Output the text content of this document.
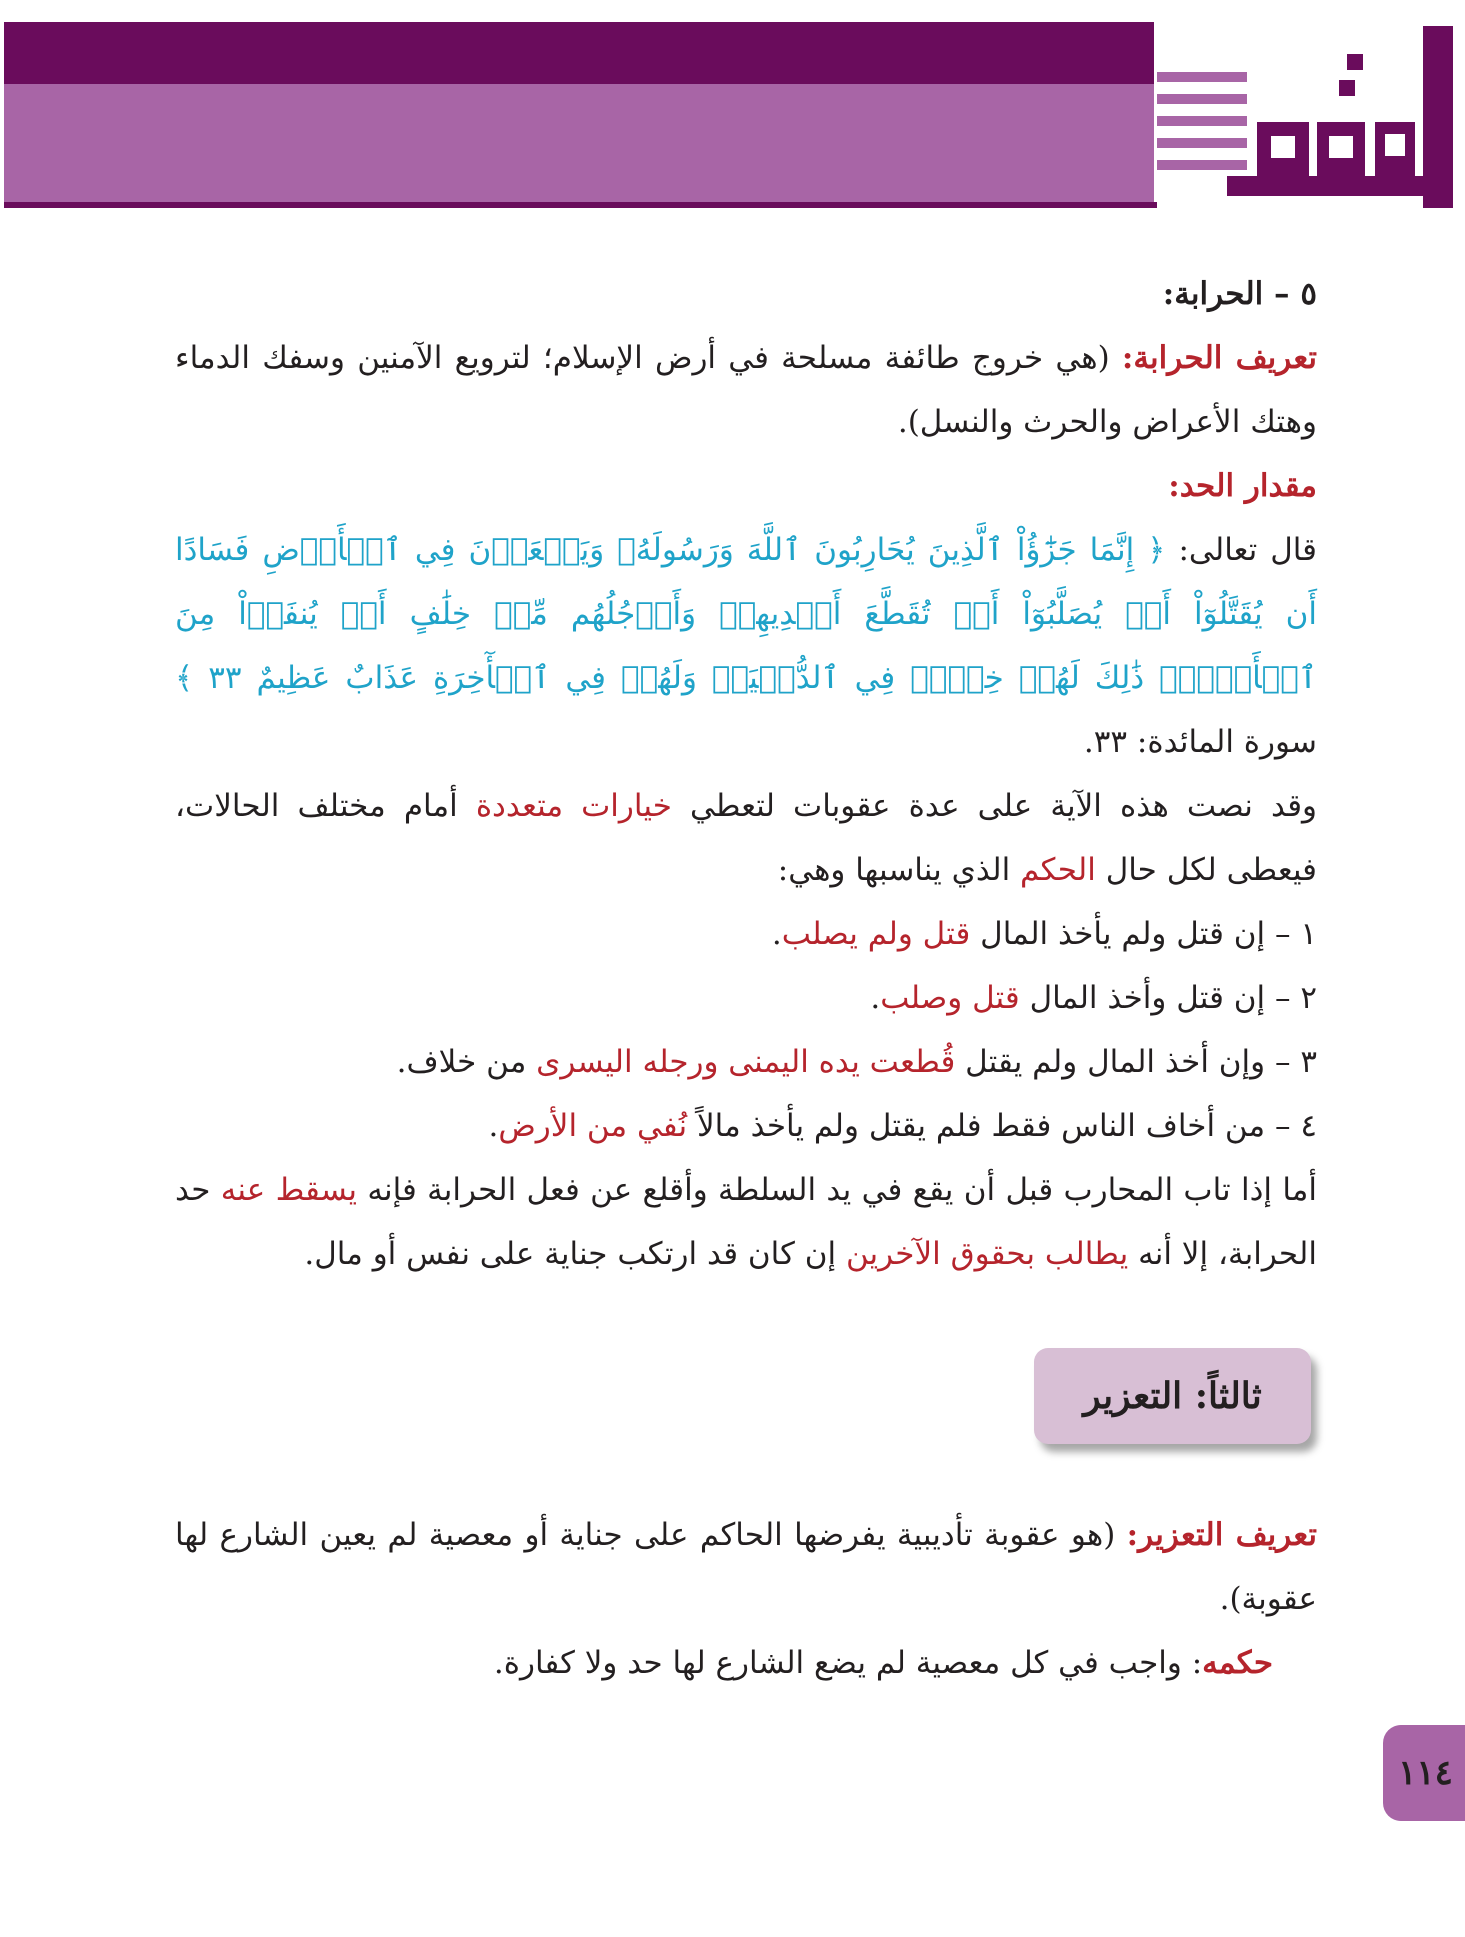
٥ – الحرابة:

تعريف الحرابة: (هي خروج طائفة مسلحة في أرض الإسلام؛ لترويع الآمنين وسفك الدماء وهتك الأعراض والحرث والنسل).

مقدار الحد:

قال تعالى: ﴿ إِنَّمَا جَزَٰٓؤُاْ ٱلَّذِينَ يُحَارِبُونَ ٱللَّهَ وَرَسُولَهُۥ وَيَسۡعَوۡنَ فِي ٱلۡأَرۡضِ فَسَادًا أَن يُقَتَّلُوٓاْ أَوۡ يُصَلَّبُوٓاْ أَوۡ تُقَطَّعَ أَيۡدِيهِمۡ وَأَرۡجُلُهُم مِّنۡ خِلَٰفٍ أَوۡ يُنفَوۡاْ مِنَ ٱلۡأَرۡضِۚ ذَٰلِكَ لَهُمۡ خِزۡيٞ فِي ٱلدُّنۡيَاۖ وَلَهُمۡ فِي ٱلۡأٓخِرَةِ عَذَابٌ عَظِيمٌ ٣٣ ﴾ سورة المائدة: ٣٣.

وقد نصت هذه الآية على عدة عقوبات لتعطي خيارات متعددة أمام مختلف الحالات، فيعطى لكل حال الحكم الذي يناسبها وهي:

١ – إن قتل ولم يأخذ المال قتل ولم يصلب.

٢ – إن قتل وأخذ المال قتل وصلب.

٣ – وإن أخذ المال ولم يقتل قُطعت يده اليمنى ورجله اليسرى من خلاف.

٤ – من أخاف الناس فقط فلم يقتل ولم يأخذ مالاً نُفي من الأرض.

أما إذا تاب المحارب قبل أن يقع في يد السلطة وأقلع عن فعل الحرابة فإنه يسقط عنه حد الحرابة، إلا أنه يطالب بحقوق الآخرين إن كان قد ارتكب جناية على نفس أو مال.

ثالثاً: التعزير

تعريف التعزير: (هو عقوبة تأديبية يفرضها الحاكم على جناية أو معصية لم يعين الشارع لها عقوبة).

حكمه: واجب في كل معصية لم يضع الشارع لها حد ولا كفارة.

١١٤
